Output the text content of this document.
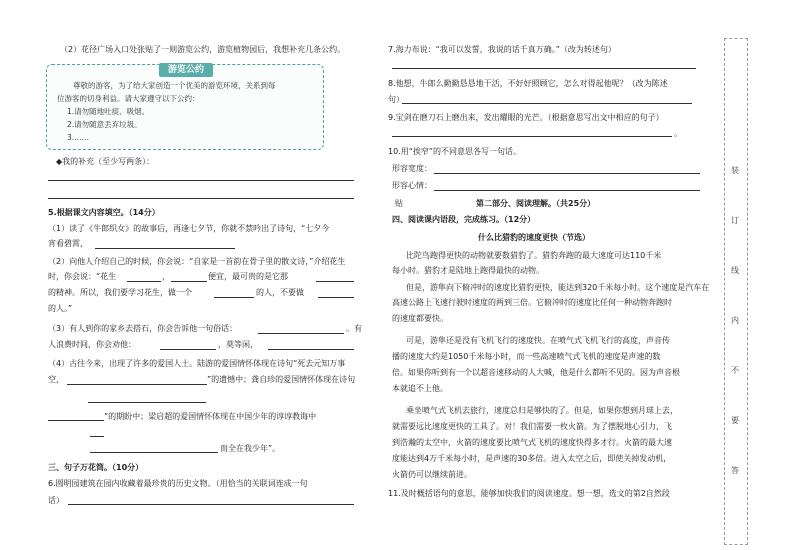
（2）花径广场入口处张贴了一则游览公约，游览植物园后，我想补充几条公约。
游览公约
尊敬的游客，为了给大家创造一个优美的游览环境，关系到每
位游客的切身利益。请大家遵守以下公约：
1.请勿随地吐痰、吸烟。
2.请勿随意丢弃垃圾。
3.……
◆我的补充（至少写两条）：
5.根据课文内容填空。（14分）
（1）读了《牛郎织女》的故事后，再逢七夕节，你就不禁吟出了诗句，“七夕今
宵看碧霄，
（2）向他人介绍自己的时候，你会说：“自家是一首韵在骨子里的散文诗，”介绍花生
时，你会说：“花生	，	便宜，最可贵的是它那
的精神。所以，我们要学习花生，做一个	的人，不要做
的人。”
（3）有人到你的家乡去搭石，你会告诉他一句俗话：	。有
人浪费时间，你会劝他：	，莫等闲，
（4）古往今来，出现了许多的爱国人士。陆游的爱国情怀体现在诗句“死去元知万事
空，	”的遗憾中；龚自珍的爱国情怀体现在诗句
”的期盼中；梁启超的爱国情怀体现在中国少年的谆谆教诲中
而全在我少年”。
三、句子万花筒。（10分）
6.圆明园建筑在园内收藏着最珍贵的历史文物。（用恰当的关联词连成一句
话）
7.海力布说：“我可以发誓，我说的话千真万确。”（改为转述句）
8.他想，牛郎么勤勤恳恳地干活，不好好照顾它，怎么对得起他呢？（改为陈述
句）
9.宝剑在磨刀石上磨出来，发出耀眼的光芒。（根据意思写出文中相应的句子）
。
10.用“挨窄”的不同意思各写一句话。
形容宽度：
形容心情：
贴	第二部分、阅读理解。（共25分）
四、阅读课内语段，完成练习。（12分）
什么比猎豹的速度更快（节选）
比陀鸟跑得更快的动物就要数猎豹了。猎豹奔跑的最大速度可达110千米
每小时。猎豹才是陆地上跑得最快的动物。
但是，游隼向下俯冲时的速度比猎豹更快，能达到320千米每小时。这个速度是汽车在
高速公路上飞速行驶时速度的两到三倍。它俯冲时的速度比任何一种动物奔跑时
的速度都要快。
可是，游隼还是没有飞机飞行的速度快。在喷气式飞机飞行的高度，声音传
播的速度大约是1050千米每小时，而一些高速喷气式飞机的速度是声速的数
倍。如果你听到有一个以超音速移动的人大喊，他是什么都听不见的。因为声音根
本就追不上他。
乘坐喷气式飞机去旅行，速度总归是够快的了。但是，如果你想到月球上去，
就需要远比速度更快的工具了。对！我们需要一枚火箭。为了摆脱地心引力，飞
到浩瀚的太空中，火箭的速度要比喷气式飞机的速度快得多才行。火箭的最大速
度能达到4万千米每小时，是声速的30多倍。进入太空之后，即使关掉发动机，
火箭仍可以继续前进。
11.及时概括语句的意思，能够加快我们的阅读速度。想一想，选文的第2自然段
装
订
线
内
不
要
答
